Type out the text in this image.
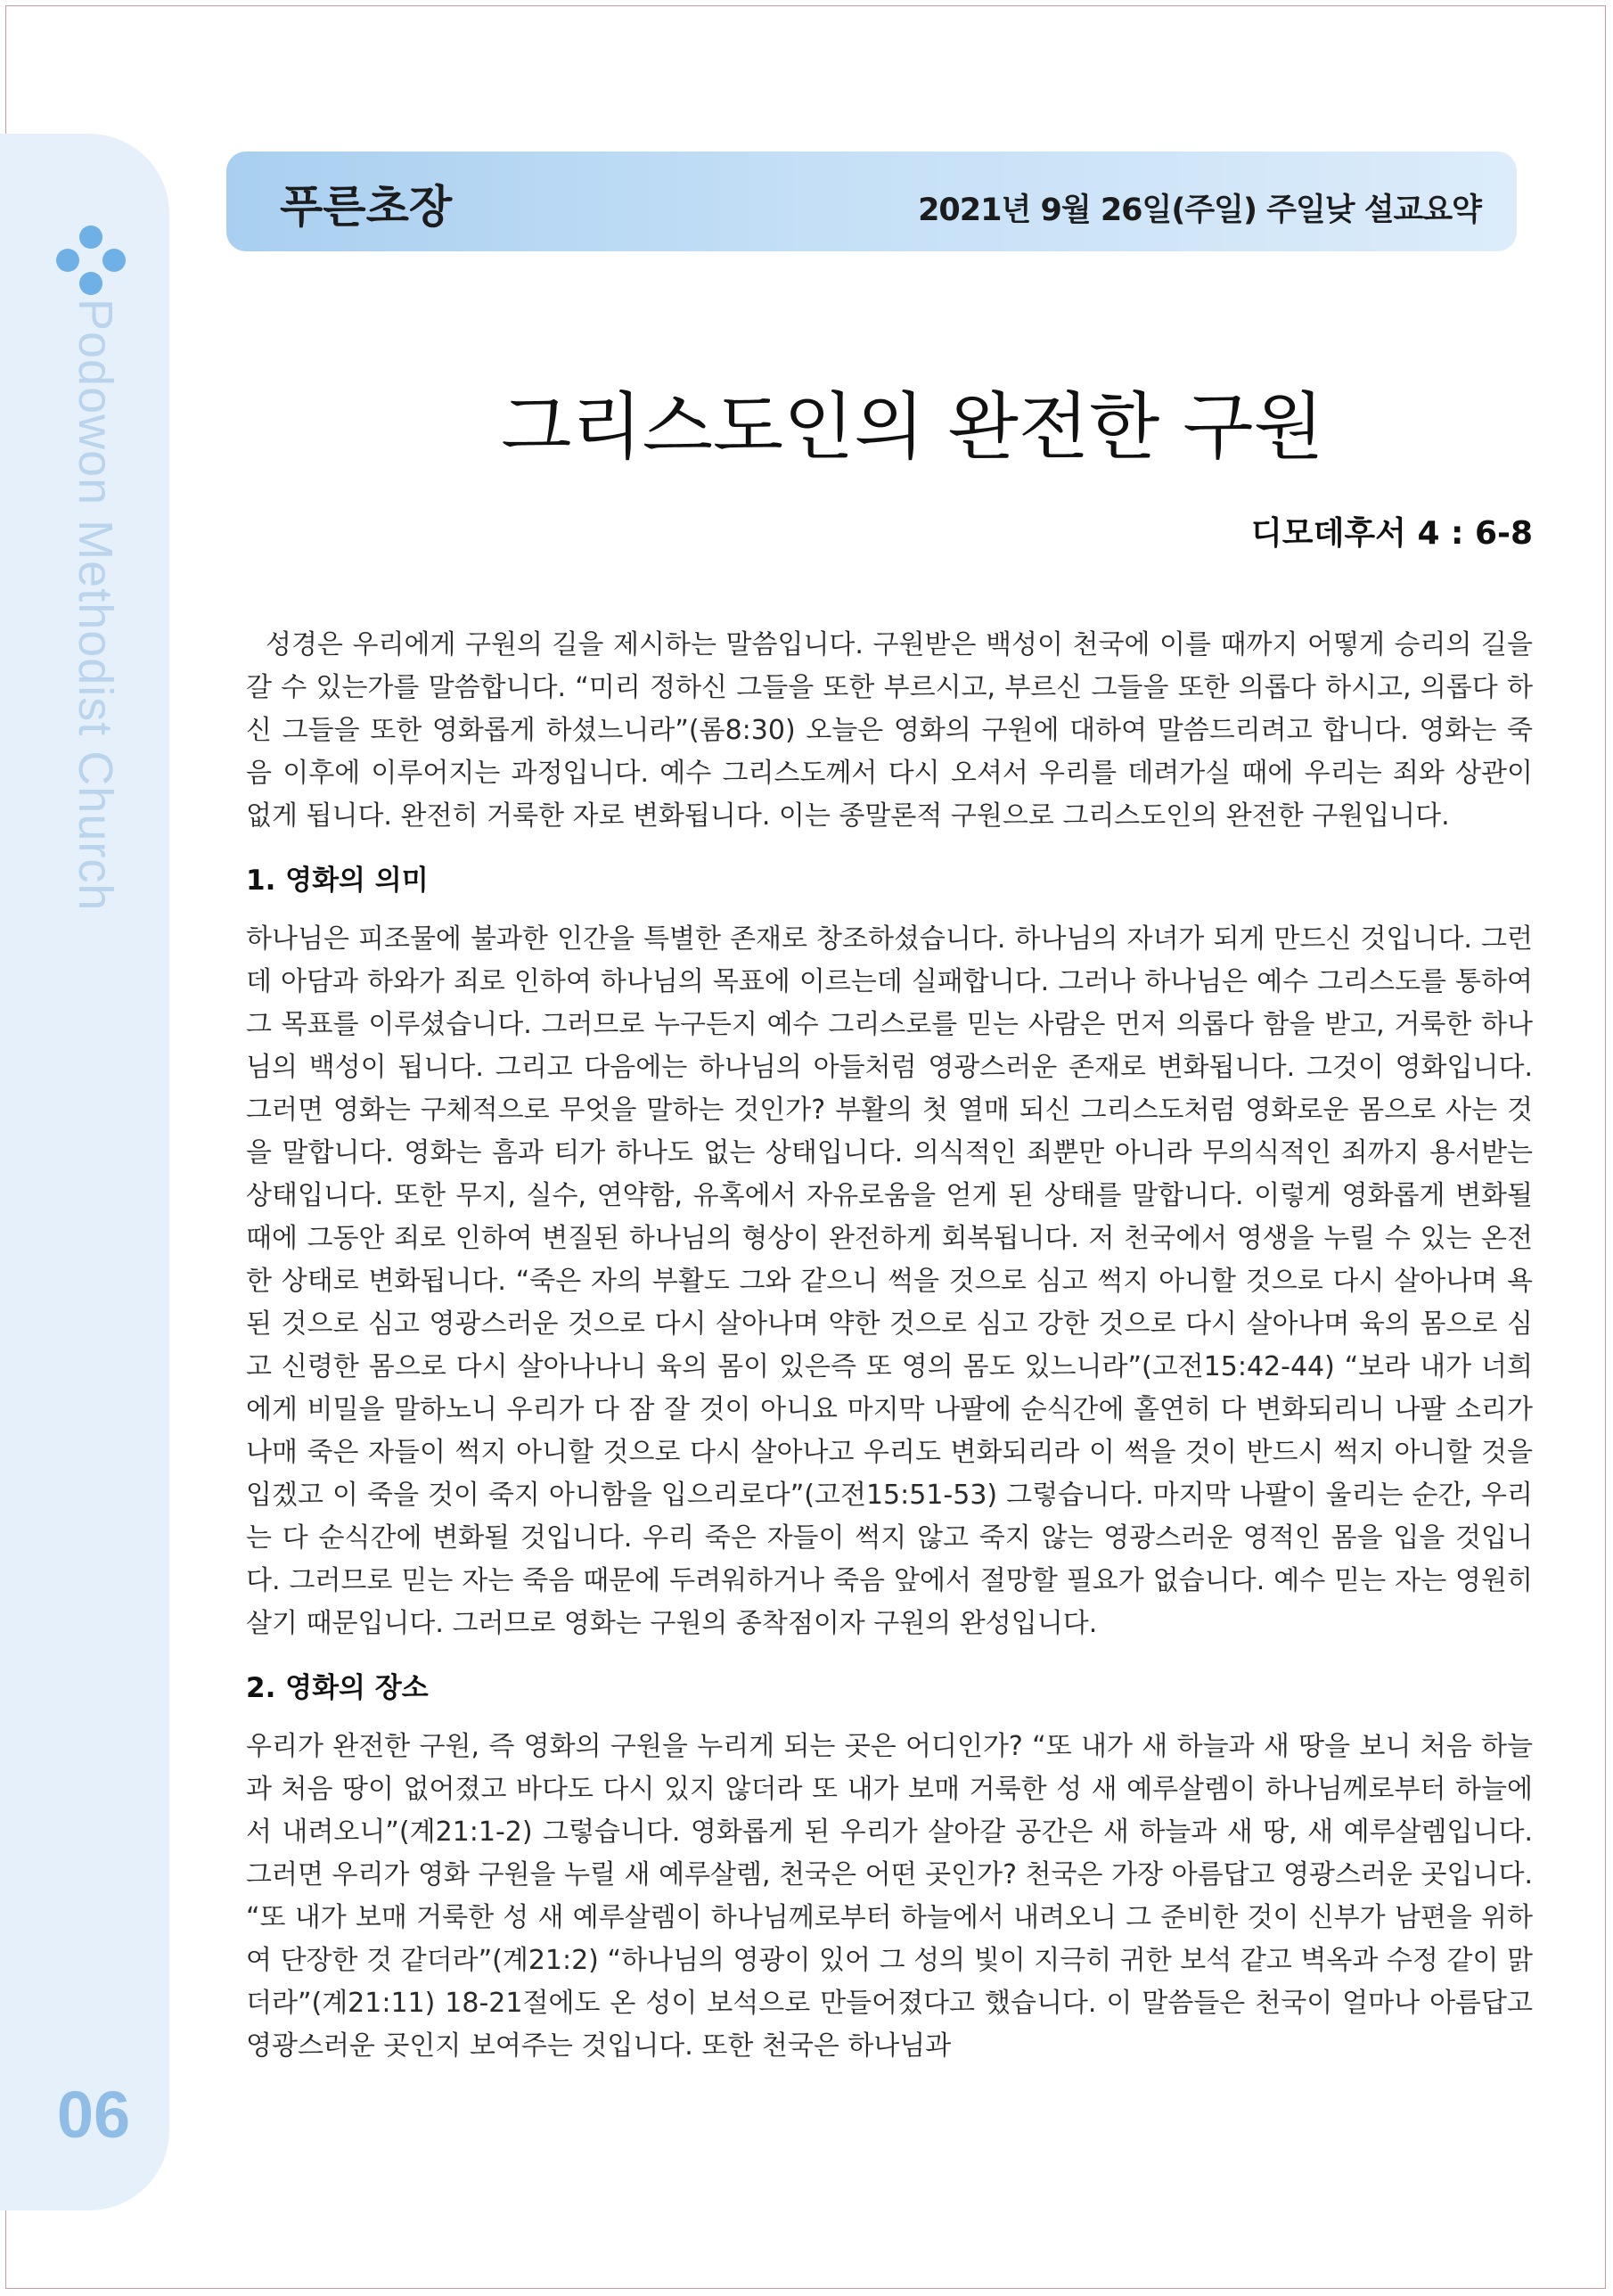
Podowon Methodist Church
06
푸른초장	2021년 9월 26일(주일) 주일낮 설교요약
그리스도인의 완전한 구원
디모데후서 4 : 6-8

성경은 우리에게 구원의 길을 제시하는 말씀입니다. 구원받은 백성이 천국에 이를 때까지 어떻게 승리의 길을 갈 수 있는가를 말씀합니다. “미리 정하신 그들을 또한 부르시고, 부르신 그들을 또한 의롭다 하시고, 의롭다 하신 그들을 또한 영화롭게 하셨느니라”(롬8:30) 오늘은 영화의 구원에 대하여 말씀드리려고 합니다. 영화는 죽음 이후에 이루어지는 과정입니다. 예수 그리스도께서 다시 오셔서 우리를 데려가실 때에 우리는 죄와 상관이 없게 됩니다. 완전히 거룩한 자로 변화됩니다. 이는 종말론적 구원으로 그리스도인의 완전한 구원입니다.

1. 영화의 의미

하나님은 피조물에 불과한 인간을 특별한 존재로 창조하셨습니다. 하나님의 자녀가 되게 만드신 것입니다. 그런데 아담과 하와가 죄로 인하여 하나님의 목표에 이르는데 실패합니다. 그러나 하나님은 예수 그리스도를 통하여 그 목표를 이루셨습니다. 그러므로 누구든지 예수 그리스로를 믿는 사람은 먼저 의롭다 함을 받고, 거룩한 하나님의 백성이 됩니다. 그리고 다음에는 하나님의 아들처럼 영광스러운 존재로 변화됩니다. 그것이 영화입니다. 그러면 영화는 구체적으로 무엇을 말하는 것인가? 부활의 첫 열매 되신 그리스도처럼 영화로운 몸으로 사는 것을 말합니다. 영화는 흠과 티가 하나도 없는 상태입니다. 의식적인 죄뿐만 아니라 무의식적인 죄까지 용서받는 상태입니다. 또한 무지, 실수, 연약함, 유혹에서 자유로움을 얻게 된 상태를 말합니다. 이렇게 영화롭게 변화될 때에 그동안 죄로 인하여 변질된 하나님의 형상이 완전하게 회복됩니다. 저 천국에서 영생을 누릴 수 있는 온전한 상태로 변화됩니다. “죽은 자의 부활도 그와 같으니 썩을 것으로 심고 썩지 아니할 것으로 다시 살아나며 욕된 것으로 심고 영광스러운 것으로 다시 살아나며 약한 것으로 심고 강한 것으로 다시 살아나며 육의 몸으로 심고 신령한 몸으로 다시 살아나나니 육의 몸이 있은즉 또 영의 몸도 있느니라”(고전15:42-44) “보라 내가 너희에게 비밀을 말하노니 우리가 다 잠 잘 것이 아니요 마지막 나팔에 순식간에 홀연히 다 변화되리니 나팔 소리가 나매 죽은 자들이 썩지 아니할 것으로 다시 살아나고 우리도 변화되리라 이 썩을 것이 반드시 썩지 아니할 것을 입겠고 이 죽을 것이 죽지 아니함을 입으리로다”(고전15:51-53) 그렇습니다. 마지막 나팔이 울리는 순간, 우리는 다 순식간에 변화될 것입니다. 우리 죽은 자들이 썩지 않고 죽지 않는 영광스러운 영적인 몸을 입을 것입니다. 그러므로 믿는 자는 죽음 때문에 두려워하거나 죽음 앞에서 절망할 필요가 없습니다. 예수 믿는 자는 영원히 살기 때문입니다. 그러므로 영화는 구원의 종착점이자 구원의 완성입니다.

2. 영화의 장소

우리가 완전한 구원, 즉 영화의 구원을 누리게 되는 곳은 어디인가? “또 내가 새 하늘과 새 땅을 보니 처음 하늘과 처음 땅이 없어졌고 바다도 다시 있지 않더라 또 내가 보매 거룩한 성 새 예루살렘이 하나님께로부터 하늘에서 내려오니”(계21:1-2) 그렇습니다. 영화롭게 된 우리가 살아갈 공간은 새 하늘과 새 땅, 새 예루살렘입니다. 그러면 우리가 영화 구원을 누릴 새 예루살렘, 천국은 어떤 곳인가? 천국은 가장 아름답고 영광스러운 곳입니다. “또 내가 보매 거룩한 성 새 예루살렘이 하나님께로부터 하늘에서 내려오니 그 준비한 것이 신부가 남편을 위하여 단장한 것 같더라”(계21:2) “하나님의 영광이 있어 그 성의 빛이 지극히 귀한 보석 같고 벽옥과 수정 같이 맑더라”(계21:11) 18-21절에도 온 성이 보석으로 만들어졌다고 했습니다. 이 말씀들은 천국이 얼마나 아름답고 영광스러운 곳인지 보여주는 것입니다. 또한 천국은 하나님과
